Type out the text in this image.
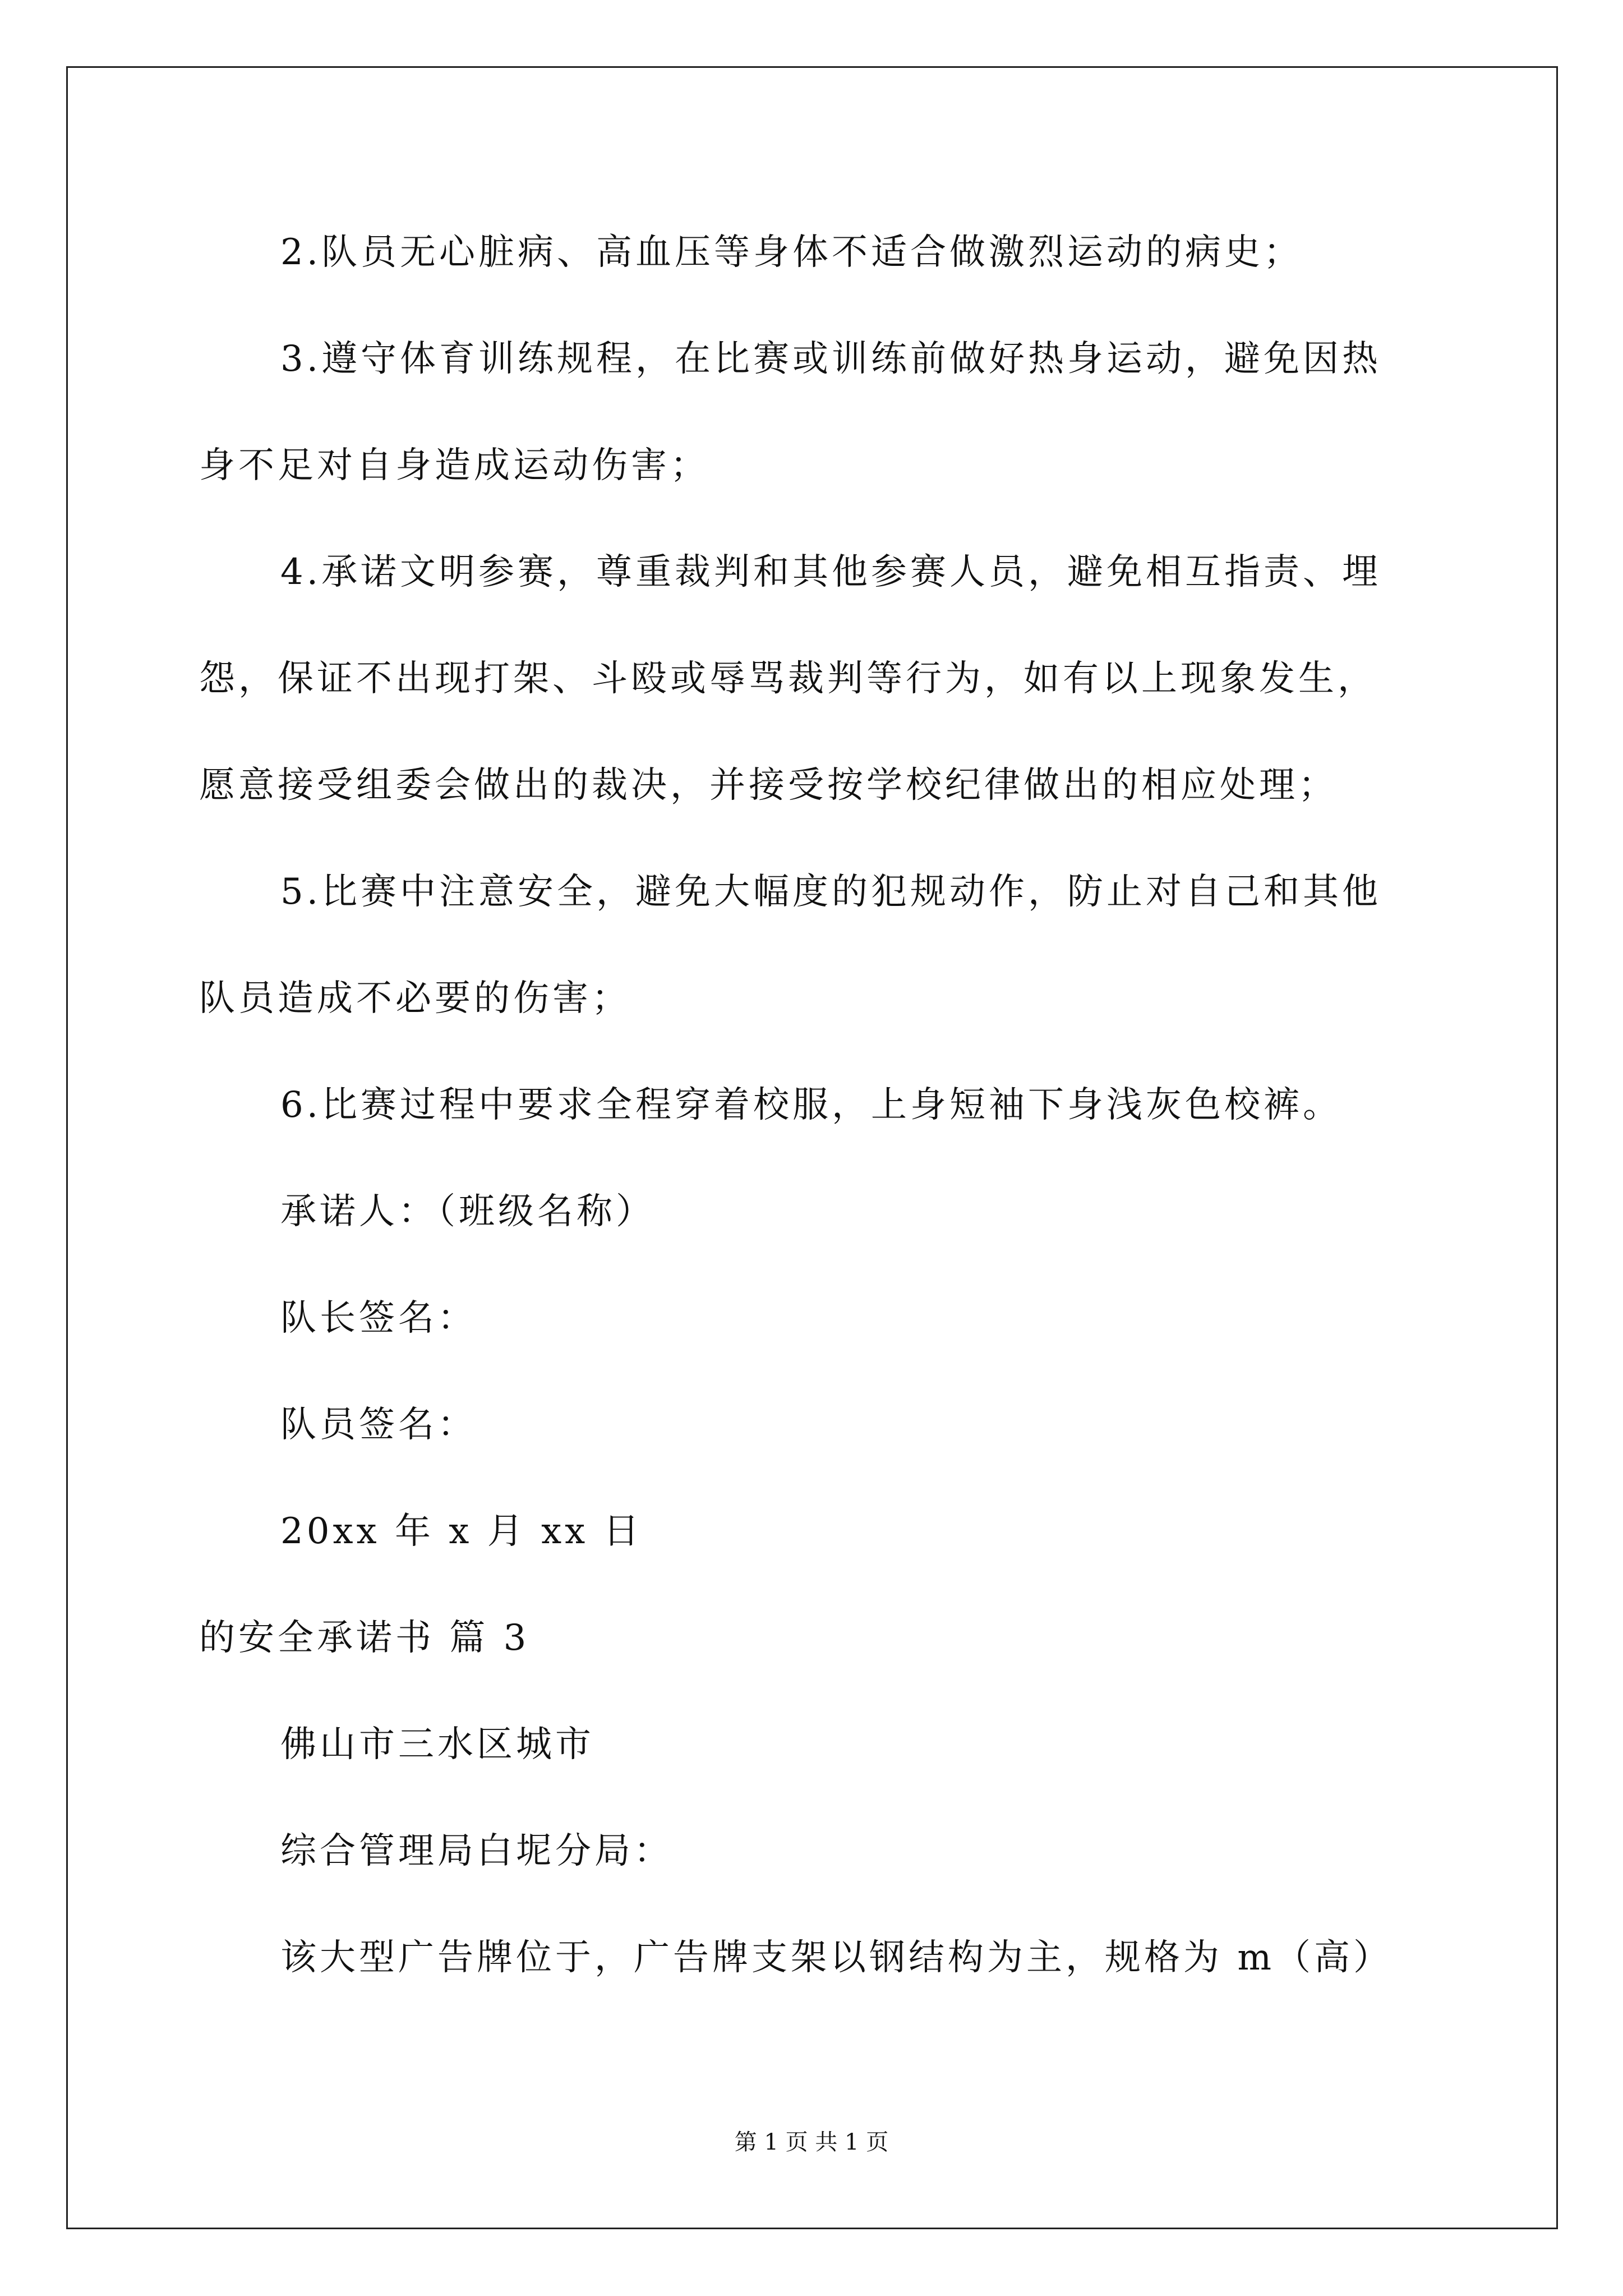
2.队员无心脏病、高血压等身体不适合做激烈运动的病史；
3.遵守体育训练规程，在比赛或训练前做好热身运动，避免因热
身不足对自身造成运动伤害；
4.承诺文明参赛，尊重裁判和其他参赛人员，避免相互指责、埋
怨，保证不出现打架、斗殴或辱骂裁判等行为，如有以上现象发生，
愿意接受组委会做出的裁决，并接受按学校纪律做出的相应处理；
5.比赛中注意安全，避免大幅度的犯规动作，防止对自己和其他
队员造成不必要的伤害；
6.比赛过程中要求全程穿着校服，上身短袖下身浅灰色校裤。
承诺人：（班级名称）
队长签名：
队员签名：
20xx 年 x 月 xx 日
的安全承诺书 篇 3
佛山市三水区城市
综合管理局白坭分局：
该大型广告牌位于，广告牌支架以钢结构为主，规格为 m（高）
第 1 页 共 1 页
